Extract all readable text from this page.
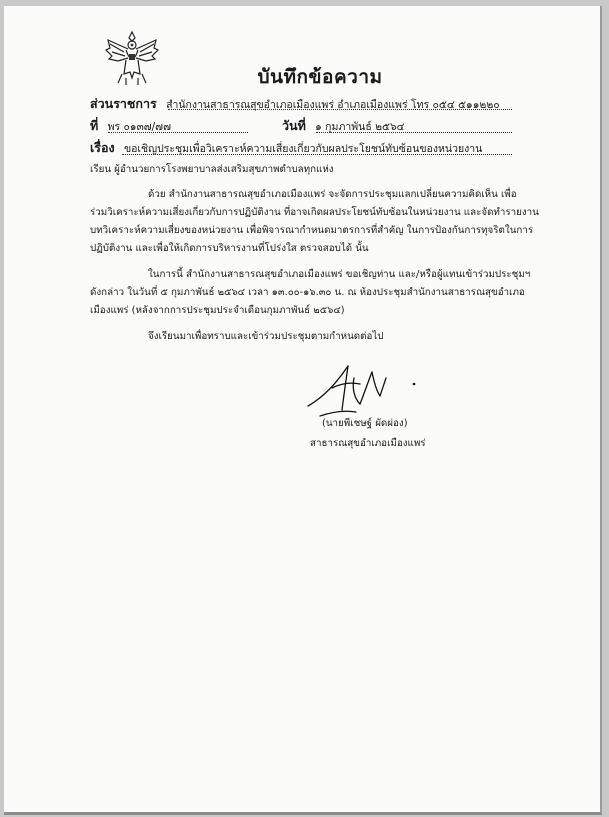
บันทึกข้อความ
ส่วนราชการ สำนักงานสาธารณสุขอำเภอเมืองแพร่ อำเภอเมืองแพร่ โทร ๐๕๔ ๕๑๑๒๒๐
ที่ พร ๐๑๓๗/๗๗	วันที่ ๑ กุมภาพันธ์ ๒๕๖๔
เรื่อง ขอเชิญประชุมเพื่อวิเคราะห์ความเสี่ยงเกี่ยวกับผลประโยชน์ทับซ้อนของหน่วยงาน
เรียน ผู้อำนวยการโรงพยาบาลส่งเสริมสุขภาพตำบลทุกแห่ง
ด้วย สำนักงานสาธารณสุขอำเภอเมืองแพร่ จะจัดการประชุมแลกเปลี่ยนความคิดเห็น เพื่อ
ร่วมวิเคราะห์ความเสี่ยงเกี่ยวกับการปฏิบัติงาน ที่อาจเกิดผลประโยชน์ทับซ้อนในหน่วยงาน และจัดทำรายงาน
บทวิเคราะห์ความเสี่ยงของหน่วยงาน เพื่อพิจารณากำหนดมาตรการที่สำคัญ ในการป้องกันการทุจริตในการ
ปฏิบัติงาน และเพื่อให้เกิดการบริหารงานที่โปร่งใส ตรวจสอบได้ นั้น
ในการนี้ สำนักงานสาธารณสุขอำเภอเมืองแพร่ ขอเชิญท่าน และ/หรือผู้แทนเข้าร่วมประชุมฯ
ดังกล่าว ในวันที่ ๕ กุมภาพันธ์ ๒๕๖๔ เวลา ๑๓.๐๐-๑๖.๓๐ น. ณ ห้องประชุมสำนักงานสาธารณสุขอำเภอ
เมืองแพร่ (หลังจากการประชุมประจำเดือนกุมภาพันธ์ ๒๕๖๔)
จึงเรียนมาเพื่อทราบและเข้าร่วมประชุมตามกำหนดต่อไป
(นายพีเชษฐ์ ผัดผ่อง)
สาธารณสุขอำเภอเมืองแพร่
